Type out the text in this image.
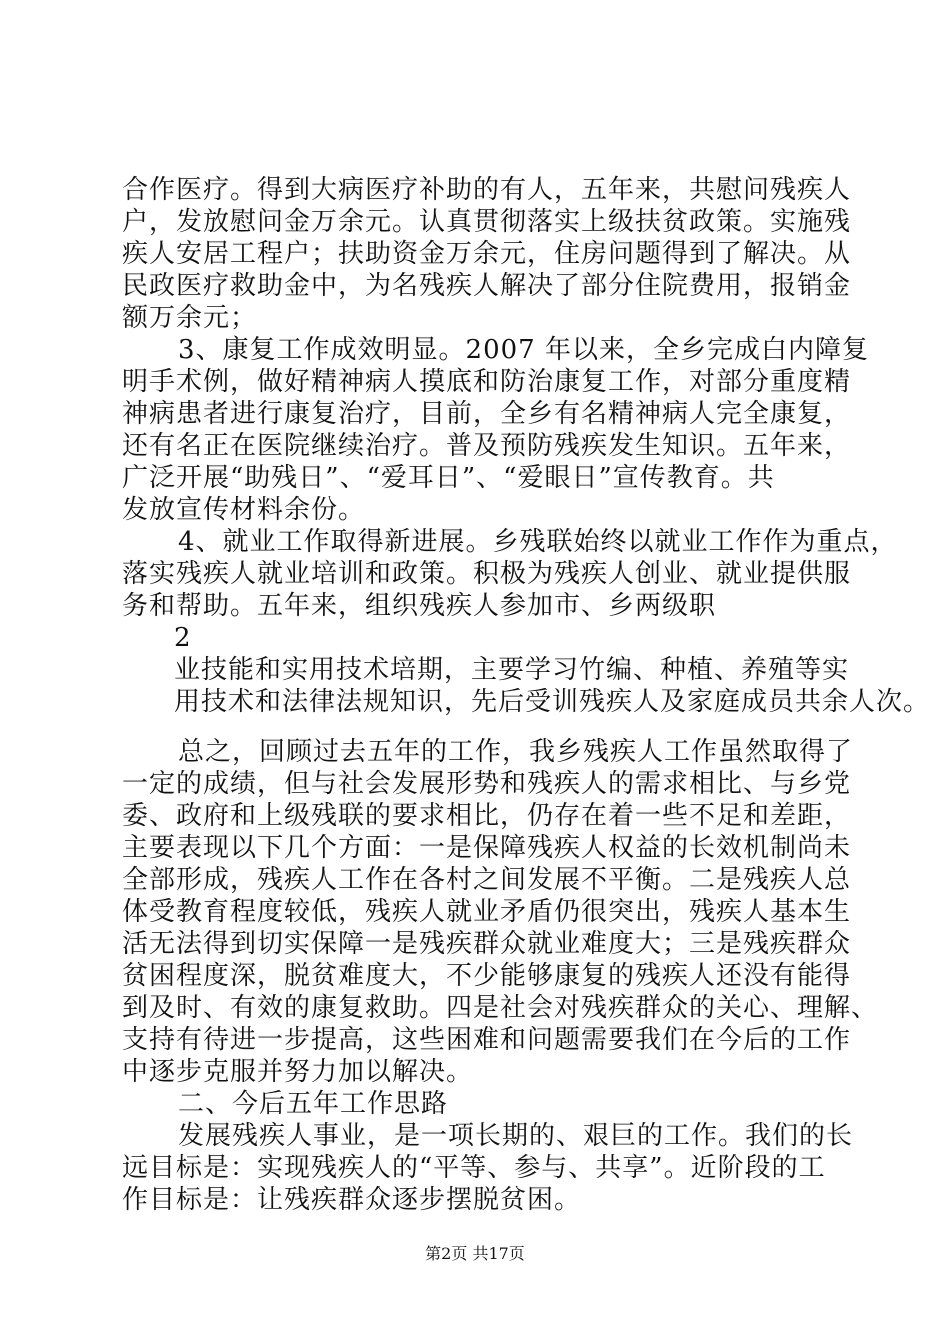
合作医疗。得到大病医疗补助的有人，五年来，共慰问残疾人
户，发放慰问金万余元。认真贯彻落实上级扶贫政策。实施残
疾人安居工程户；扶助资金万余元，住房问题得到了解决。从
民政医疗救助金中，为名残疾人解决了部分住院费用，报销金
额万余元；
3、康复工作成效明显。2007 年以来，全乡完成白内障复
明手术例，做好精神病人摸底和防治康复工作，对部分重度精
神病患者进行康复治疗，目前，全乡有名精神病人完全康复，
还有名正在医院继续治疗。普及预防残疾发生知识。五年来，
广泛开展“助残日”、“爱耳日”、“爱眼日”宣传教育。共
发放宣传材料余份。
4、就业工作取得新进展。乡残联始终以就业工作作为重点，
落实残疾人就业培训和政策。积极为残疾人创业、就业提供服
务和帮助。五年来，组织残疾人参加市、乡两级职
2
业技能和实用技术培期，主要学习竹编、种植、养殖等实
用技术和法律法规知识，先后受训残疾人及家庭成员共余人次。
总之，回顾过去五年的工作，我乡残疾人工作虽然取得了
一定的成绩，但与社会发展形势和残疾人的需求相比、与乡党
委、政府和上级残联的要求相比，仍存在着一些不足和差距，
主要表现以下几个方面：一是保障残疾人权益的长效机制尚未
全部形成，残疾人工作在各村之间发展不平衡。二是残疾人总
体受教育程度较低，残疾人就业矛盾仍很突出，残疾人基本生
活无法得到切实保障一是残疾群众就业难度大；三是残疾群众
贫困程度深，脱贫难度大，不少能够康复的残疾人还没有能得
到及时、有效的康复救助。四是社会对残疾群众的关心、理解、
支持有待进一步提高，这些困难和问题需要我们在今后的工作
中逐步克服并努力加以解决。
二、今后五年工作思路
发展残疾人事业，是一项长期的、艰巨的工作。我们的长
远目标是：实现残疾人的“平等、参与、共享”。近阶段的工
作目标是：让残疾群众逐步摆脱贫困。
第2页 共17页
